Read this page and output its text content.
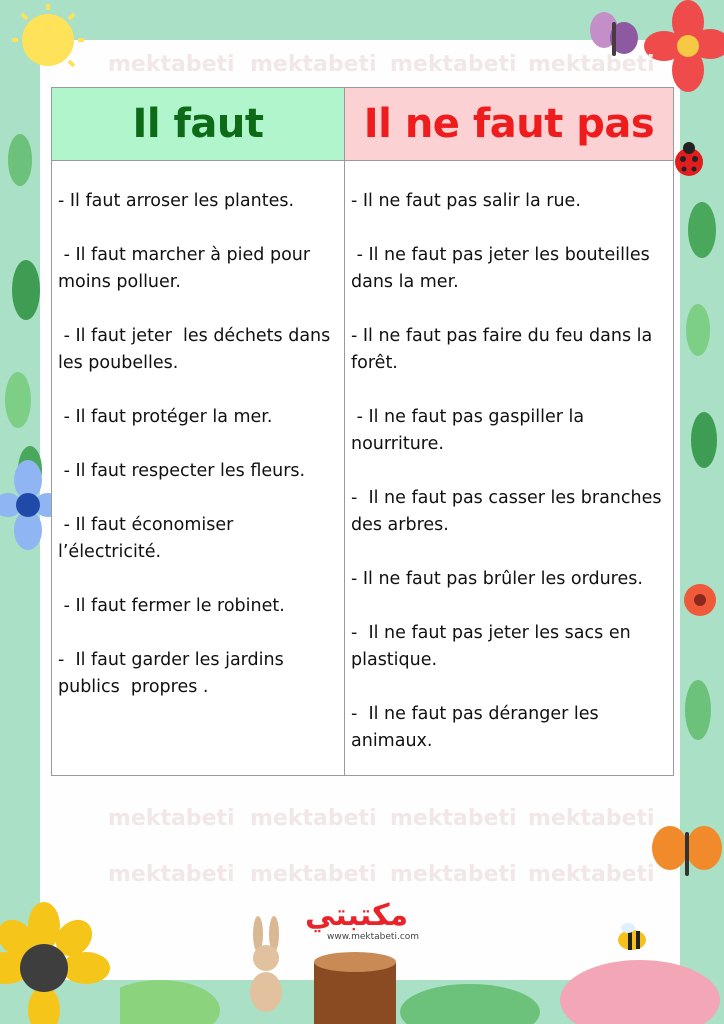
mektabeti mektabeti mektabeti mektabeti
mektabeti mektabeti mektabeti mektabeti
mektabeti mektabeti mektabeti mektabeti
Il faut	Il ne faut pas
- Il faut arroser les plantes.
- Il faut marcher à pied pour moins polluer.
- Il faut jeter  les déchets dans les poubelles.
- Il faut protéger la mer.
- Il faut respecter les fleurs.
- Il faut économiser l’électricité.
- Il faut fermer le robinet.
-  Il faut garder les jardins publics  propres .
- Il ne faut pas salir la rue.
- Il ne faut pas jeter les bouteilles dans la mer.
- Il ne faut pas faire du feu dans la forêt.
- Il ne faut pas gaspiller la nourriture.
-  Il ne faut pas casser les branches des arbres.
- Il ne faut pas brûler les ordures.
-  Il ne faut pas jeter les sacs en plastique.
-  Il ne faut pas déranger les animaux.
مكتبتي
www.mektabeti.com
